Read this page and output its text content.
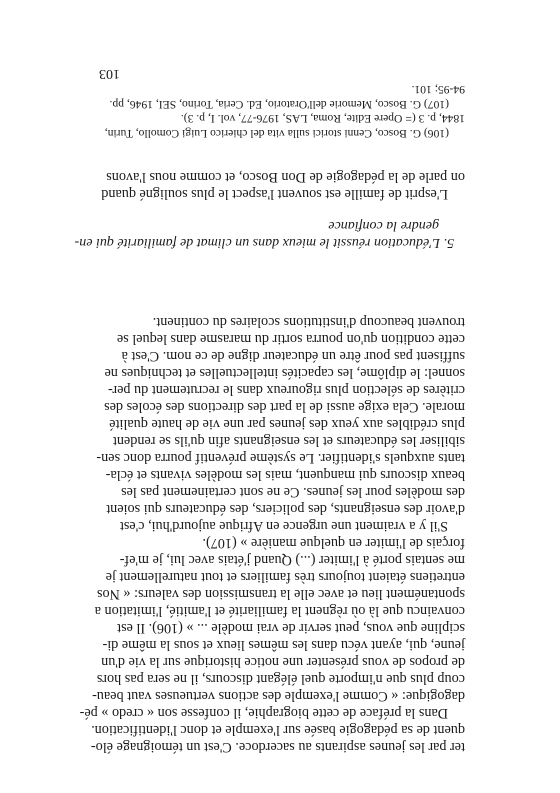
ter par les jeunes aspirants au sacerdoce. C'est un témoignage élo-
quent de sa pédagogie basée sur l'exemple et donc l'identification.
Dans la préface de cette biographie, il confesse son « credo » pé-
dagogique: « Comme l'exemple des actions vertueuses vaut beau-
coup plus que n'importe quel élégant discours, il ne sera pas hors
de propos de vous présenter une notice historique sur la vie d'un
jeune, qui, ayant vécu dans les mêmes lieux et sous la même di-
scipline que vous, peut servir de vrai modèle ... » (106). Il est
convaincu que là où règnent la familiarité et l'amitié, l'imitation a
spontanément lieu et avec elle la transmission des valeurs: « Nos
entretiens étaient toujours très familiers et tout naturellement je
me sentais porté à l'imiter (...) Quand j'étais avec lui, je m'ef-
forçais de l'imiter en quelque manière » (107).
S'il y a vraiment une urgence en Afrique aujourd'hui, c'est
d'avoir des enseignants, des policiers, des éducateurs qui soient
des modèles pour les jeunes. Ce ne sont certainement pas les
beaux discours qui manquent, mais les modèles vivants et écla-
tants auxquels s'identifier. Le système préventif pourra donc sen-
sibiliser les éducateurs et les enseignants afin qu'ils se rendent
plus crédibles aux yeux des jeunes par une vie de haute qualité
morale. Cela exige aussi de la part des directions des écoles des
critères de sélection plus rigoureux dans le recrutement du per-
sonnel: le diplôme, les capacités intellectuelles et techniques ne
suffisent pas pour être un éducateur digne de ce nom. C'est à
cette condition qu'on pourra sortir du marasme dans lequel se
trouvent beaucoup d'institutions scolaires du continent.
5. L'éducation réussit le mieux dans un climat de familiarité qui en-
gendre la confiance
L'esprit de famille est souvent l'aspect le plus souligné quand
on parle de la pédagogie de Don Bosco, et comme nous l'avons
(106) G. Bosco, Cenni storici sulla vita del chierico Luigi Comollo, Turin,
1844, p. 3 (= Opere Edite, Roma, LAS, 1976-77, vol. I, p. 3).
(107) G. Bosco, Memorie dell'Oratorio, Ed. Ceria, Torino, SEI, 1946, pp.
94-95; 101.
103
